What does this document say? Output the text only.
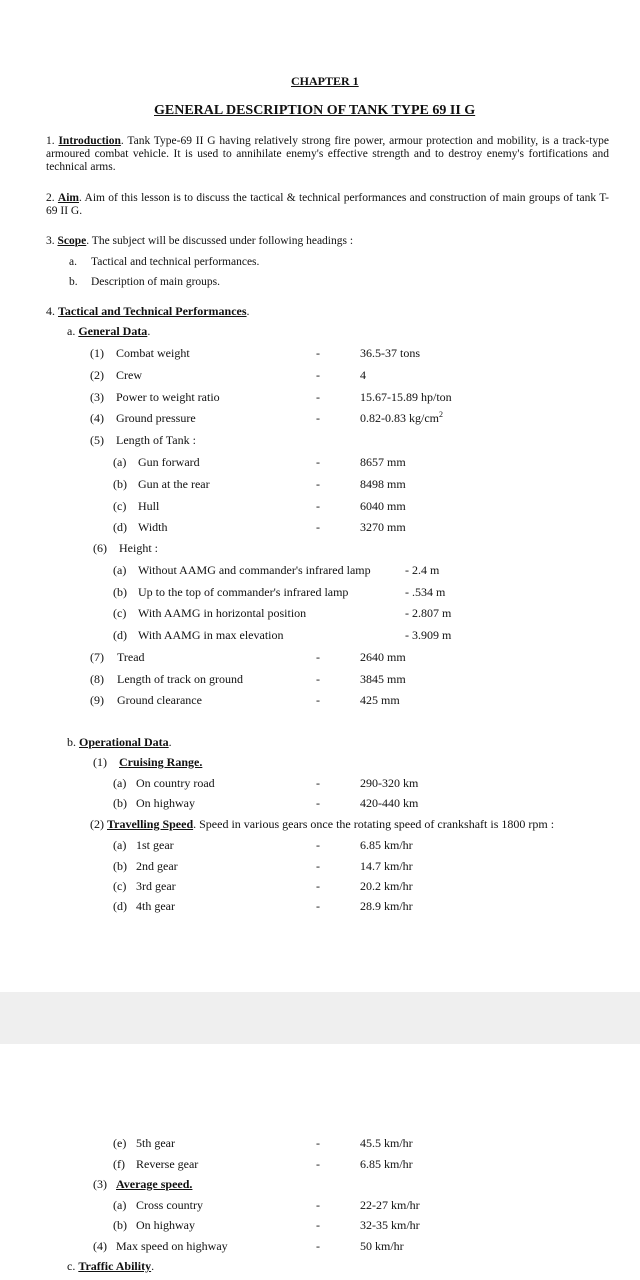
CHAPTER 1
GENERAL DESCRIPTION OF TANK TYPE 69 II G
1. Introduction. Tank Type-69 II G having relatively strong fire power, armour protection and mobility, is a track-type armoured combat vehicle. It is used to annihilate enemy's effective strength and to destroy enemy's fortifications and technical arms.
2. Aim. Aim of this lesson is to discuss the tactical & technical performances and construction of main groups of tank T-69 II G.
3. Scope. The subject will be discussed under following headings :
a. Tactical and technical performances.
b. Description of main groups.
4. Tactical and Technical Performances.
a. General Data.
(1) Combat weight	-	36.5-37 tons
(2) Crew	-	4
(3) Power to weight ratio	-	15.67-15.89 hp/ton
(4) Ground pressure	-	0.82-0.83 $kg/cm^2$
(5) Length of Tank :
(a) Gun forward	-	8657 mm
(b) Gun at the rear	-	8498 mm
(c) Hull	-	6040 mm
(d) Width	-	3270 mm
(6) Height :
(a) Without AAMG and commander's infrared lamp	- 2.4 m
(b) Up to the top of commander's infrared lamp	- .534 m
(c) With AAMG in horizontal position	- 2.807 m
(d) With AAMG in max elevation	- 3.909 m
(7) Tread	-	2640 mm
(8) Length of track on ground	-	3845 mm
(9) Ground clearance	-	425 mm
b. Operational Data.
(1) Cruising Range.
(a) On country road	-	290-320 km
(b) On highway	-	420-440 km
(2) Travelling Speed. Speed in various gears once the rotating speed of crankshaft is 1800 rpm :
(a) 1st gear	-	6.85 km/hr
(b) 2nd gear	-	14.7 km/hr
(c) 3rd gear	-	20.2 km/hr
(d) 4th gear	-	28.9 km/hr
(e) 5th gear	-	45.5 km/hr
(f) Reverse gear	-	6.85 km/hr
(3) Average speed.
(a) Cross country	-	22-27 km/hr
(b) On highway	-	32-35 km/hr
(4) Max speed on highway	-	50 km/hr
c. Traffic Ability.
